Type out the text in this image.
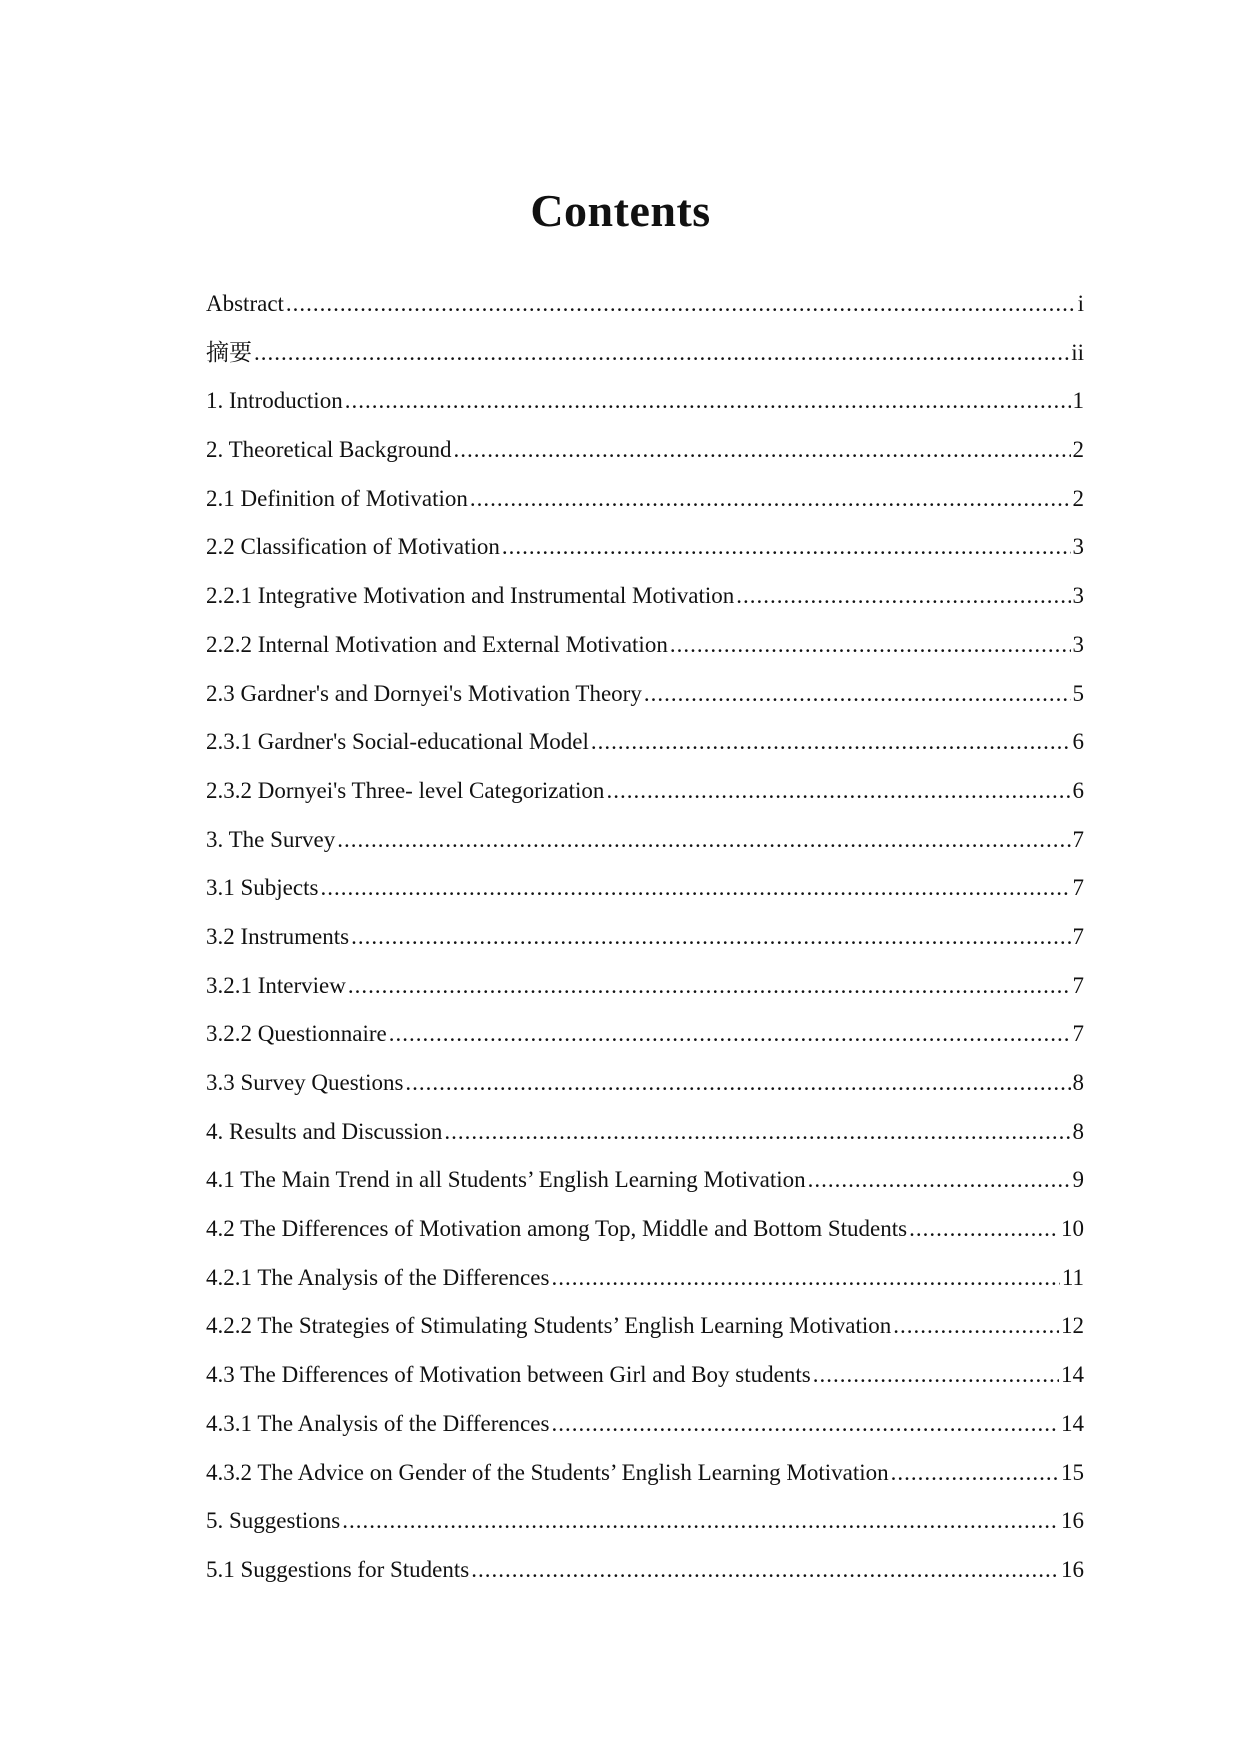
Contents
Abstract .....	i
摘要 .....	ii
1. Introduction .....	1
2. Theoretical Background .....	2
2.1 Definition of Motivation .....	2
2.2 Classification of Motivation .....	3
2.2.1 Integrative Motivation and Instrumental Motivation .....	3
2.2.2 Internal Motivation and External Motivation .....	3
2.3 Gardner's and Dornyei's Motivation Theory .....	5
2.3.1 Gardner's Social-educational Model .....	6
2.3.2 Dornyei's Three- level Categorization .....	6
3. The Survey .....	7
3.1 Subjects .....	7
3.2 Instruments .....	7
3.2.1 Interview .....	7
3.2.2 Questionnaire .....	7
3.3 Survey Questions .....	8
4. Results and Discussion .....	8
4.1 The Main Trend in all Students’ English Learning Motivation .....	9
4.2 The Differences of Motivation among Top, Middle and Bottom Students .....	10
4.2.1 The Analysis of the Differences .....	11
4.2.2 The Strategies of Stimulating Students’ English Learning Motivation .....	12
4.3 The Differences of Motivation between Girl and Boy students .....	14
4.3.1 The Analysis of the Differences .....	14
4.3.2 The Advice on Gender of the Students’ English Learning Motivation .....	15
5. Suggestions .....	16
5.1 Suggestions for Students .....	16
